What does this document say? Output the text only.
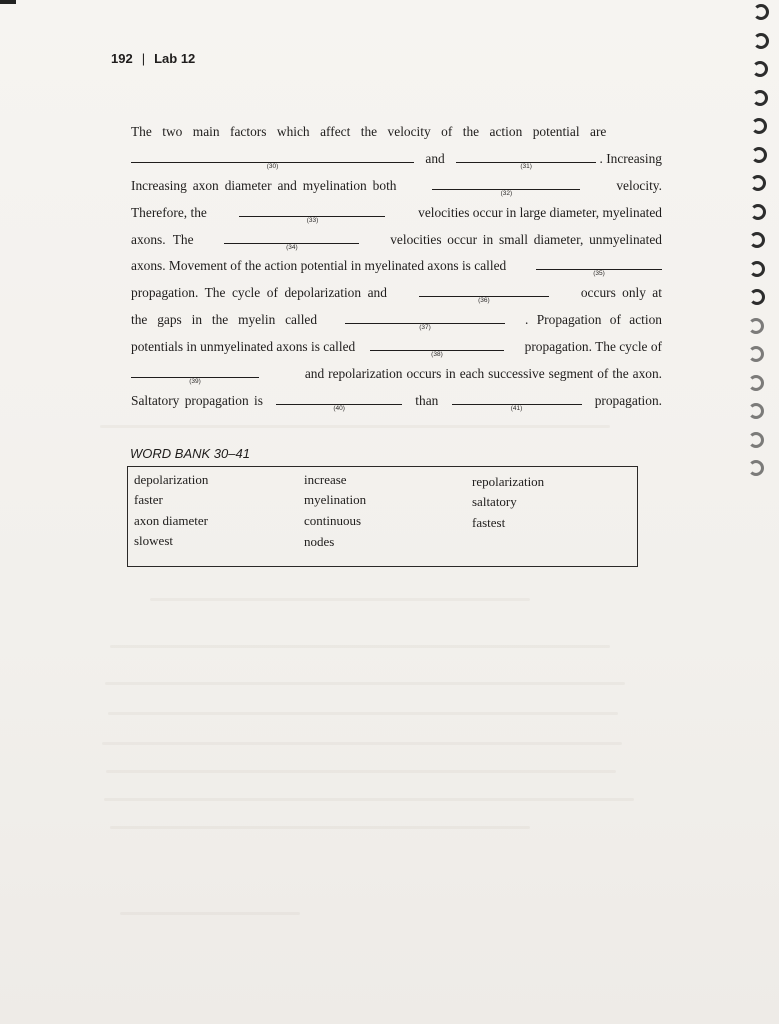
192 | Lab 12
The two main factors which affect the velocity of the action potential are
(30)
and
(31)
. Increasing
Increasing axon diameter and myelination both
(32)
velocity.
Therefore, the
(33)
velocities occur in large diameter, myelinated
axons. The
(34)
velocities occur in small diameter, unmyelinated
axons. Movement of the action potential in myelinated axons is called
(35)
propagation. The cycle of depolarization and
(36)
occurs only at
the gaps in the myelin called
(37)
. Propagation of action
potentials in unmyelinated axons is called
(38)
propagation. The cycle of
(39)
and repolarization occurs in each successive segment of the axon.
Saltatory propagation is
(40)
than
(41)
propagation.
WORD BANK 30–41
depolarization
faster
axon diameter
slowest
increase
myelination
continuous
nodes
repolarization
saltatory
fastest
